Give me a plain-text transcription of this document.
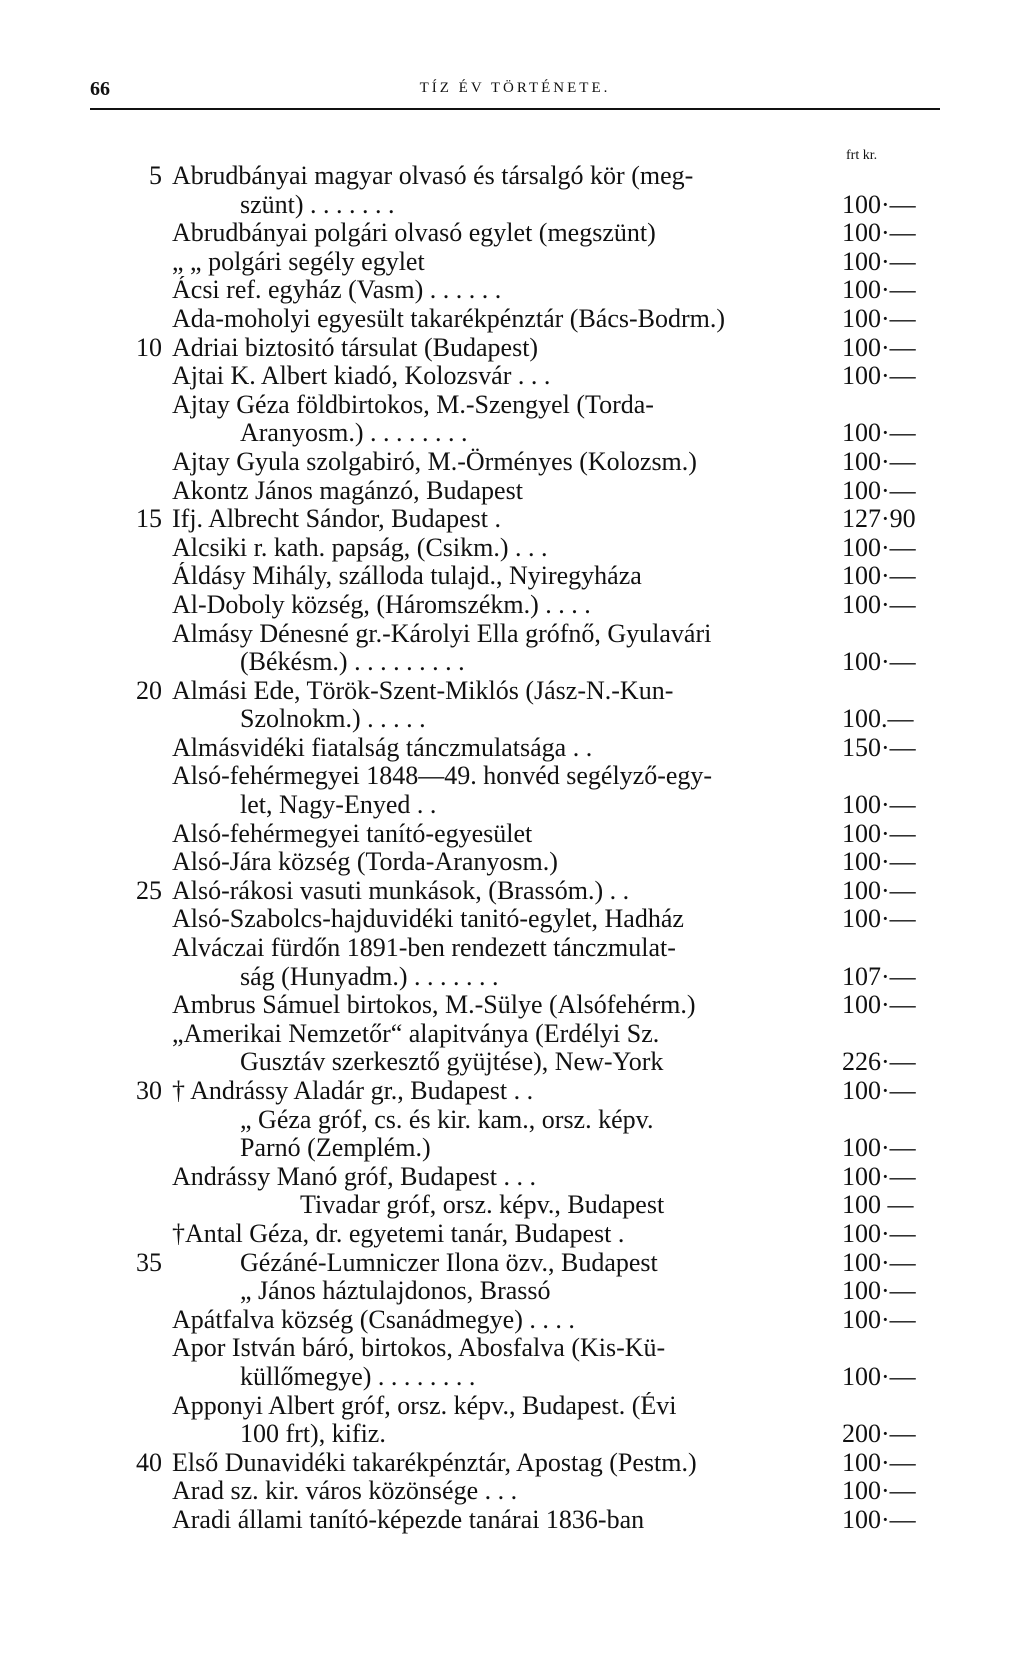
66	TÍZ ÉV TÖRTÉNETE.
frt kr.
5 Abrudbányai magyar olvasó és társalgó kör (meg-
szünt) . . . . . . .	100·—
Abrudbányai polgári olvasó egylet (megszünt)	100·—
„ „ polgári segély egylet	100·—
Ácsi ref. egyház (Vasm) . . . . . .	100·—
Ada-moholyi egyesült takarékpénztár (Bács-Bodrm.)	100·—
10 Adriai biztositó társulat (Budapest)	100·—
Ajtai K. Albert kiadó, Kolozsvár . . .	100·—
Ajtay Géza földbirtokos, M.-Szengyel (Torda-
Aranyosm.) . . . . . . . .	100·—
Ajtay Gyula szolgabiró, M.-Örményes (Kolozsm.)	100·—
Akontz János magánzó, Budapest	100·—
15 Ifj. Albrecht Sándor, Budapest .	127·90
Alcsiki r. kath. papság, (Csikm.) . . .	100·—
Áldásy Mihály, szálloda tulajd., Nyiregyháza	100·—
Al-Doboly község, (Háromszékm.) . . . .	100·—
Almásy Dénesné gr.-Károlyi Ella grófnő, Gyulavári
(Békésm.) . . . . . . . . .	100·—
20 Almási Ede, Török-Szent-Miklós (Jász-N.-Kun-
Szolnokm.) . . . . .	100.—
Almásvidéki fiatalság tánczmulatsága . .	150·—
Alsó-fehérmegyei 1848—49. honvéd segélyző-egy-
let, Nagy-Enyed . .	100·—
Alsó-fehérmegyei tanító-egyesület	100·—
Alsó-Jára község (Torda-Aranyosm.)	100·—
25 Alsó-rákosi vasuti munkások, (Brassóm.) . .	100·—
Alsó-Szabolcs-hajduvidéki tanitó-egylet, Hadház	100·—
Alváczai fürdőn 1891-ben rendezett tánczmulat-
ság (Hunyadm.) . . . . . . .	107·—
Ambrus Sámuel birtokos, M.-Sülye (Alsófehérm.)	100·—
„Amerikai Nemzetőr“ alapitványa (Erdélyi Sz.
Gusztáv szerkesztő gyüjtése), New-York	226·—
30 † Andrássy Aladár gr., Budapest . .	100·—
„ Géza gróf, cs. és kir. kam., orsz. képv.
Parnó (Zemplém.)	100·—
Andrássy Manó gróf, Budapest . . .	100·—
Tivadar gróf, orsz. képv., Budapest	100 —
†Antal Géza, dr. egyetemi tanár, Budapest .	100·—
35	Gézáné-Lumniczer Ilona özv., Budapest	100·—
„ János háztulajdonos, Brassó	100·—
Apátfalva község (Csanádmegye) . . . .	100·—
Apor István báró, birtokos, Abosfalva (Kis-Kü-
küllőmegye) . . . . . . . .	100·—
Apponyi Albert gróf, orsz. képv., Budapest. (Évi
100 frt), kifiz.	200·—
40 Első Dunavidéki takarékpénztár, Apostag (Pestm.)	100·—
Arad sz. kir. város közönsége . . .	100·—
Aradi állami tanító-képezde tanárai 1836-ban	100·—
